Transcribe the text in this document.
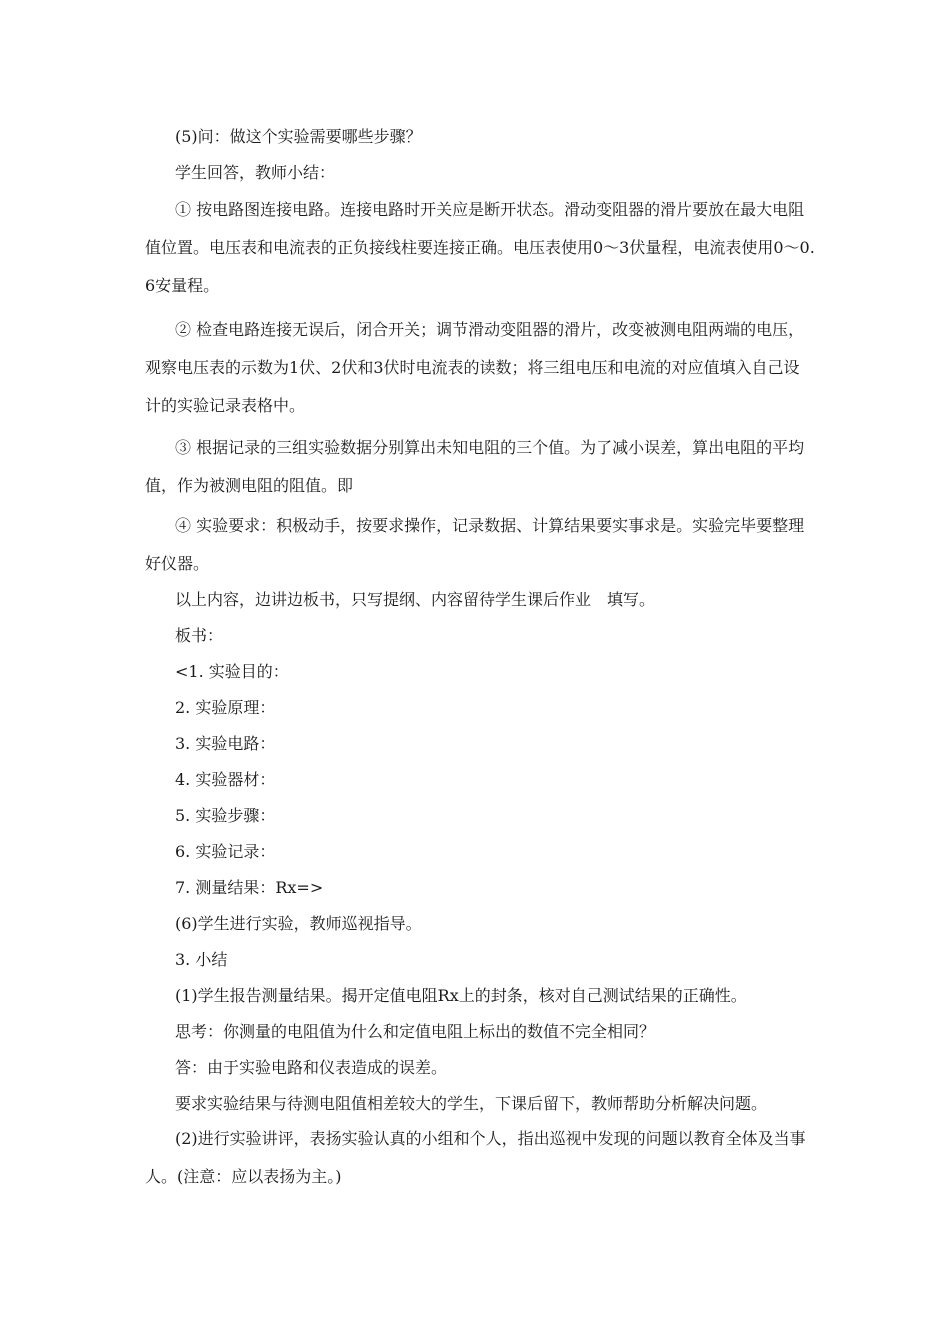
(5)问：做这个实验需要哪些步骤？

学生回答，教师小结：

① 按电路图连接电路。连接电路时开关应是断开状态。滑动变阻器的滑片要放在最大电阻值位置。电压表和电流表的正负接线柱要连接正确。电压表使用0～3伏量程，电流表使用0～0.6安量程。

② 检查电路连接无误后，闭合开关；调节滑动变阻器的滑片，改变被测电阻两端的电压，观察电压表的示数为1伏、2伏和3伏时电流表的读数；将三组电压和电流的对应值填入自己设计的实验记录表格中。

③ 根据记录的三组实验数据分别算出未知电阻的三个值。为了减小误差，算出电阻的平均值，作为被测电阻的阻值。即

④ 实验要求：积极动手，按要求操作，记录数据、计算结果要实事求是。实验完毕要整理好仪器。

以上内容，边讲边板书，只写提纲、内容留待学生课后作业　填写。

板书：

<1. 实验目的：

2. 实验原理：

3. 实验电路：

4. 实验器材：

5. 实验步骤：

6. 实验记录：

7. 测量结果：Rx=>

(6)学生进行实验，教师巡视指导。

3. 小结

(1)学生报告测量结果。揭开定值电阻Rx上的封条，核对自己测试结果的正确性。

思考：你测量的电阻值为什么和定值电阻上标出的数值不完全相同？

答：由于实验电路和仪表造成的误差。

要求实验结果与待测电阻值相差较大的学生，下课后留下，教师帮助分析解决问题。

(2)进行实验讲评，表扬实验认真的小组和个人，指出巡视中发现的问题以教育全体及当事人。(注意：应以表扬为主。)
